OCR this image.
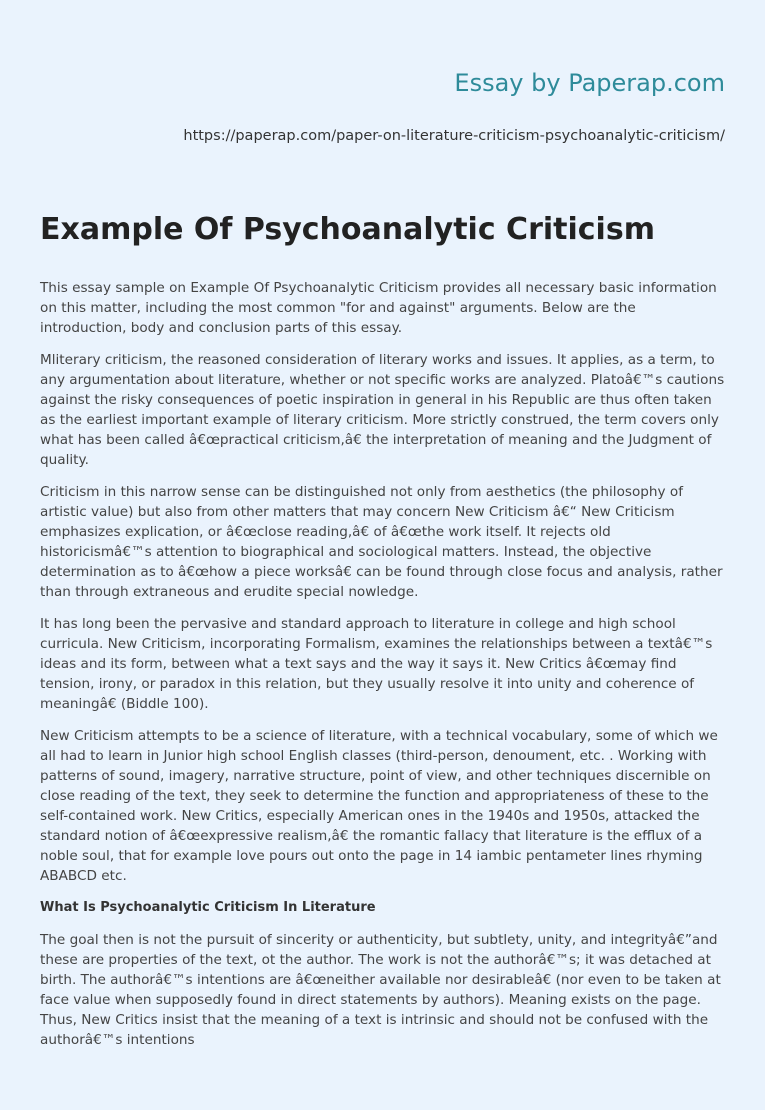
Essay by Paperap.com
https://paperap.com/paper-on-literature-criticism-psychoanalytic-criticism/
Example Of Psychoanalytic Criticism

This essay sample on Example Of Psychoanalytic Criticism provides all necessary basic information on this matter, including the most common "for and against" arguments. Below are the introduction, body and conclusion parts of this essay.

Mliterary criticism, the reasoned consideration of literary works and issues. It applies, as a term, to any argumentation about literature, whether or not specific works are analyzed. Platoâ€™s cautions against the risky consequences of poetic inspiration in general in his Republic are thus often taken as the earliest important example of literary criticism. More strictly construed, the term covers only what has been called â€œpractical criticism,â€ the interpretation of meaning and the Judgment of quality.

Criticism in this narrow sense can be distinguished not only from aesthetics (the philosophy of artistic value) but also from other matters that may concern New Criticism â€“ New Criticism emphasizes explication, or â€œclose reading,â€ of â€œthe work itself. It rejects old historicismâ€™s attention to biographical and sociological matters. Instead, the objective determination as to â€œhow a piece worksâ€ can be found through close focus and analysis, rather than through extraneous and erudite special nowledge.

It has long been the pervasive and standard approach to literature in college and high school curricula. New Criticism, incorporating Formalism, examines the relationships between a textâ€™s ideas and its form, between what a text says and the way it says it. New Critics â€œmay find tension, irony, or paradox in this relation, but they usually resolve it into unity and coherence of meaningâ€ (Biddle 100).

New Criticism attempts to be a science of literature, with a technical vocabulary, some of which we all had to learn in Junior high school English classes (third-person, denoument, etc. . Working with patterns of sound, imagery, narrative structure, point of view, and other techniques discernible on close reading of the text, they seek to determine the function and appropriateness of these to the self-contained work. New Critics, especially American ones in the 1940s and 1950s, attacked the standard notion of â€œexpressive realism,â€ the romantic fallacy that literature is the efflux of a noble soul, that for example love pours out onto the page in 14 iambic pentameter lines rhyming ABABCD etc.

What Is Psychoanalytic Criticism In Literature

The goal then is not the pursuit of sincerity or authenticity, but subtlety, unity, and integrityâ€”and these are properties of the text, ot the author. The work is not the authorâ€™s; it was detached at birth. The authorâ€™s intentions are â€œneither available nor desirableâ€ (nor even to be taken at face value when supposedly found in direct statements by authors). Meaning exists on the page. Thus, New Critics insist that the meaning of a text is intrinsic and should not be confused with the authorâ€™s intentions
